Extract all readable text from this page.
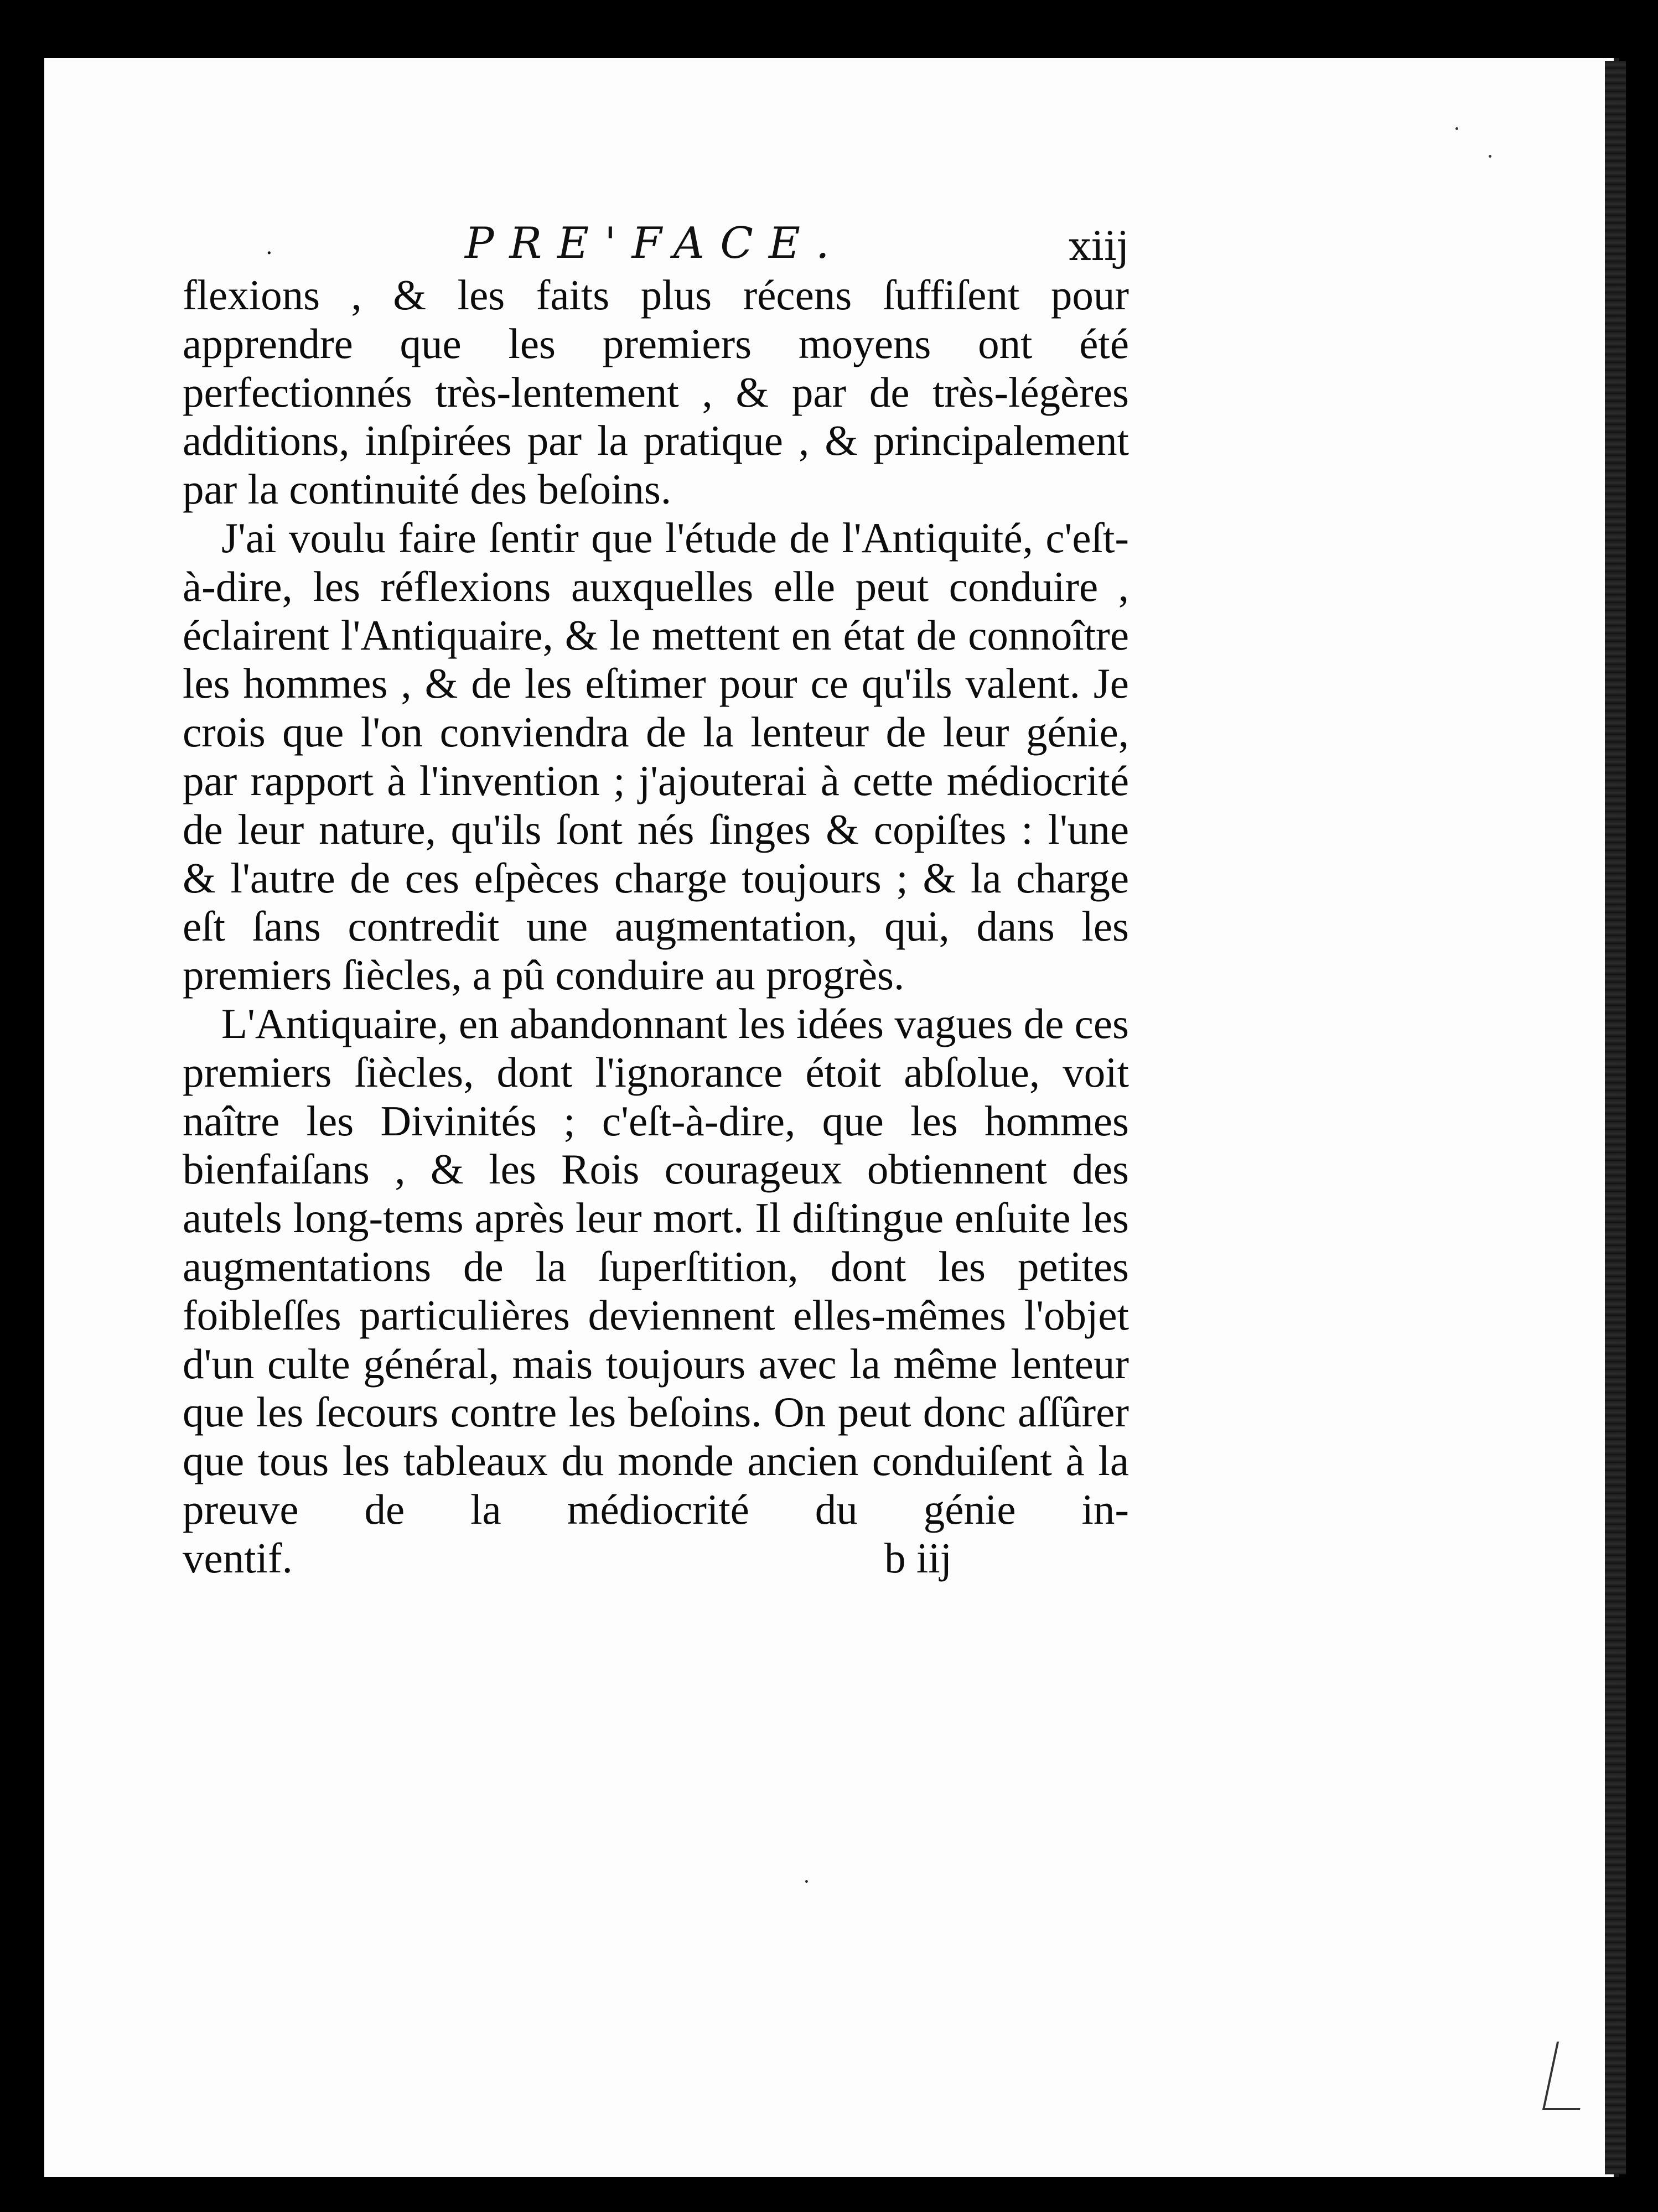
·	PRE'FACE.	xiij

flexions , & les faits plus récens ſuffiſent pour apprendre que les premiers moyens ont été perfectionnés très-lentement , & par de très-légères additions, inſpirées par la pratique , & principalement par la continuité des beſoins.

J'ai voulu faire ſentir que l'étude de l'Antiquité, c'eſt-à-dire, les réflexions auxquelles elle peut conduire , éclairent l'Antiquaire, & le mettent en état de connoître les hommes , & de les eſtimer pour ce qu'ils valent. Je crois que l'on conviendra de la lenteur de leur génie, par rapport à l'invention ; j'ajouterai à cette médiocrité de leur nature, qu'ils ſont nés ſinges & copiſtes : l'une & l'autre de ces eſpèces charge toujours ; & la charge eſt ſans contredit une augmentation, qui, dans les premiers ſiècles, a pû conduire au progrès.

L'Antiquaire, en abandonnant les idées vagues de ces premiers ſiècles, dont l'ignorance étoit abſolue, voit naître les Divinités ; c'eſt-à-dire, que les hommes bienfaiſans , & les Rois courageux obtiennent des autels long-tems après leur mort. Il diſtingue enſuite les augmentations de la ſuperſtition, dont les petites foibleſſes particulières deviennent elles-mêmes l'objet d'un culte général, mais toujours avec la même lenteur que les ſecours contre les beſoins. On peut donc aſſûrer que tous les tableaux du monde ancien conduiſent à la preuve de la médiocrité du génie in-

ventif.	b iij
